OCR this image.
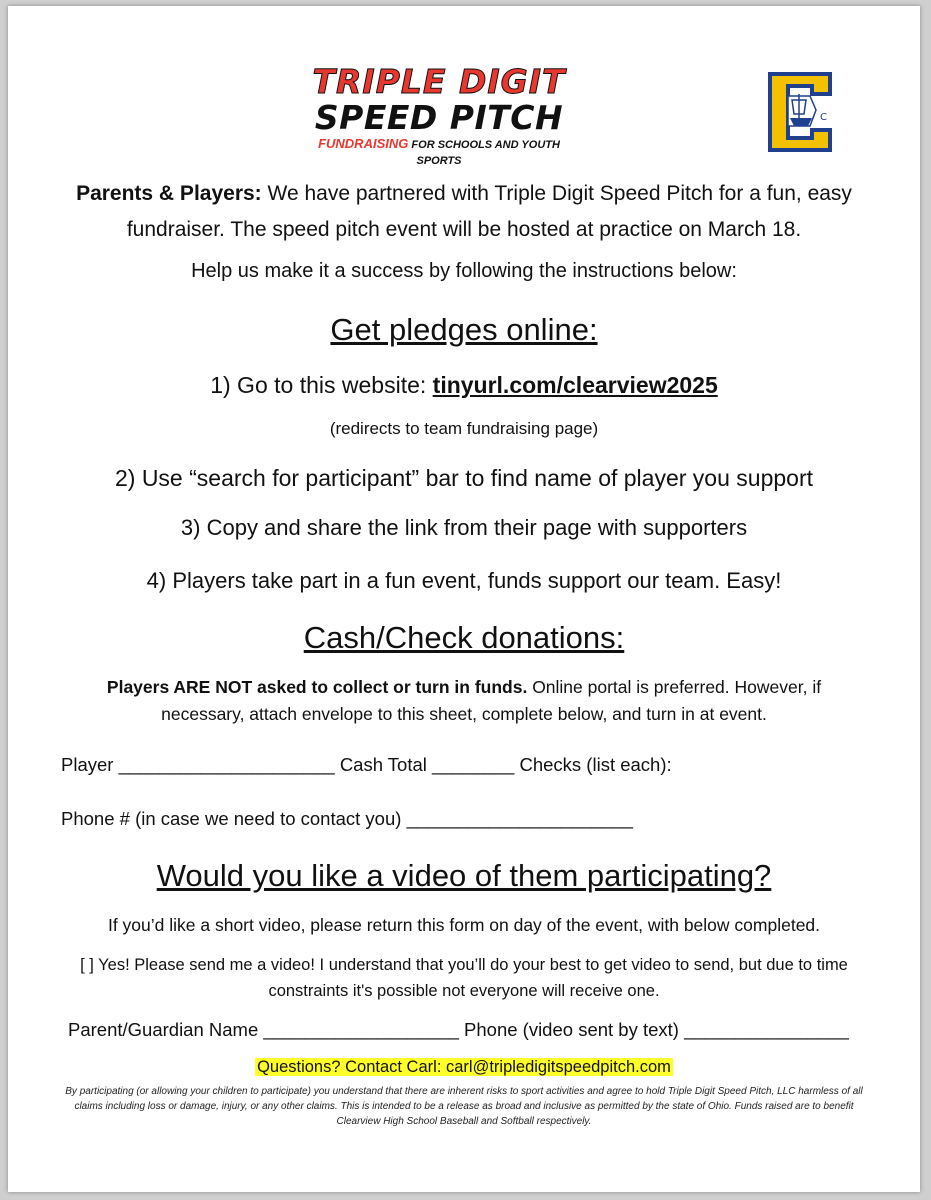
TRIPLE DIGIT
SPEED PITCH
FUNDRAISING FOR SCHOOLS AND YOUTH SPORTS
C
Parents & Players: We have partnered with Triple Digit Speed Pitch for a fun, easy
fundraiser. The speed pitch event will be hosted at practice on March 18.
Help us make it a success by following the instructions below:
Get pledges online:
1) Go to this website: tinyurl.com/clearview2025
(redirects to team fundraising page)
2) Use “search for participant” bar to find name of player you support
3) Copy and share the link from their page with supporters
4) Players take part in a fun event, funds support our team. Easy!
Cash/Check donations:
Players ARE NOT asked to collect or turn in funds. Online portal is preferred. However, if
necessary, attach envelope to this sheet, complete below, and turn in at event.
Player _____________________ Cash Total ________ Checks (list each):
Phone # (in case we need to contact you) ______________________
Would you like a video of them participating?
If you’d like a short video, please return this form on day of the event, with below completed.
[ ] Yes! Please send me a video! I understand that you’ll do your best to get video to send, but due to time
constraints it's possible not everyone will receive one.
Parent/Guardian Name ___________________ Phone (video sent by text) ________________
Questions? Contact Carl: carl@tripledigitspeedpitch.com
By participating (or allowing your children to participate) you understand that there are inherent risks to sport activities and agree to hold Triple Digit Speed Pitch, LLC harmless of all claims including loss or damage, injury, or any other claims. This is intended to be a release as broad and inclusive as permitted by the state of Ohio. Funds raised are to benefit Clearview High School Baseball and Softball respectively.
